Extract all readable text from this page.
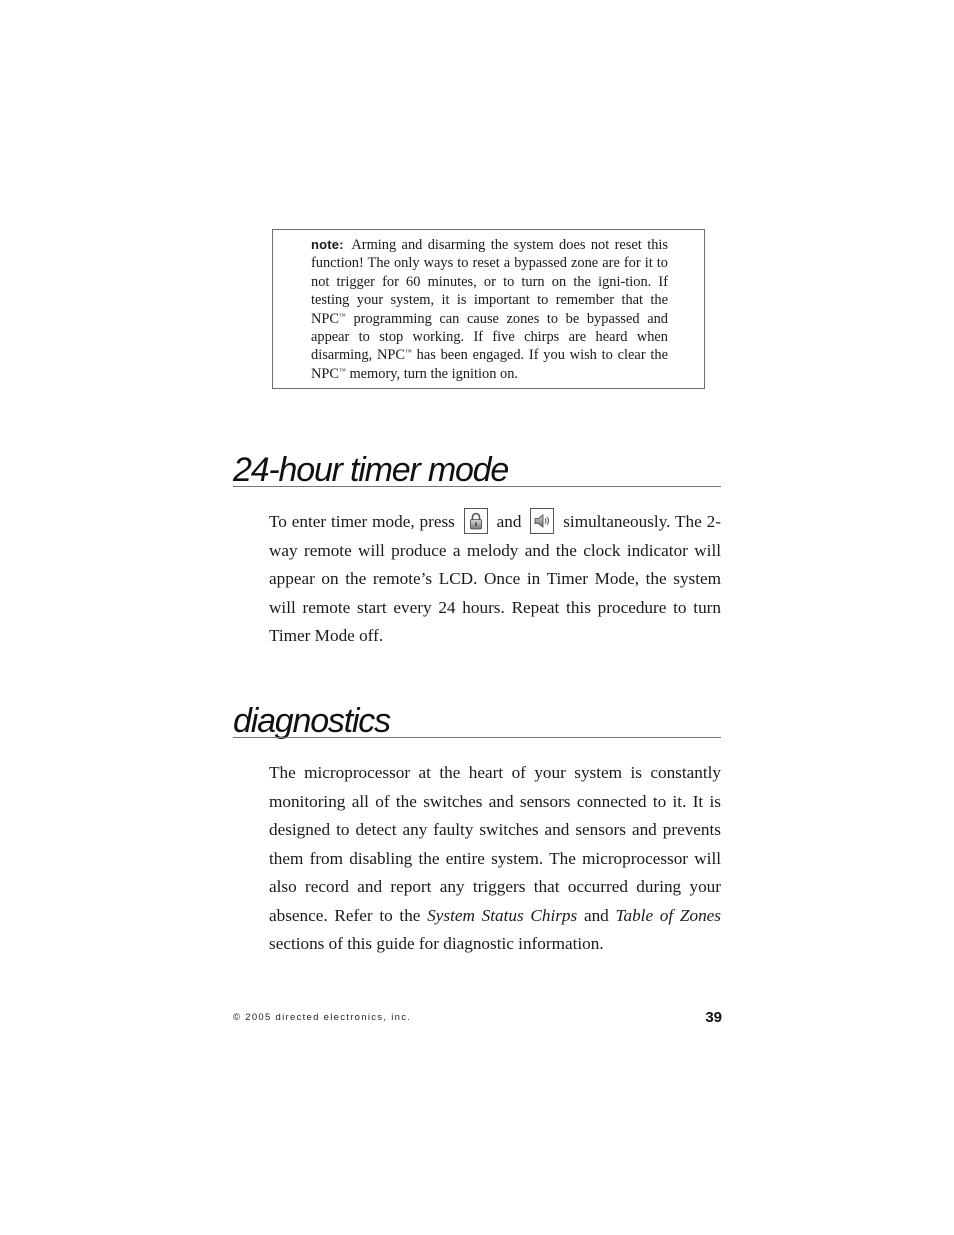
note: Arming and disarming the system does not reset this function! The only ways to reset a bypassed zone are for it to not trigger for 60 minutes, or to turn on the igni-tion. If testing your system, it is important to remember that the NPC™ programming can cause zones to be bypassed and appear to stop working. If five chirps are heard when disarming, NPC™ has been engaged. If you wish to clear the NPC™ memory, turn the ignition on.

24-hour timer mode

To enter timer mode, press
and
simultaneously. The 2-way remote will produce a melody and the clock indicator will appear on the remote’s LCD. Once in Timer Mode, the system will remote start every 24 hours. Repeat this procedure to turn Timer Mode off.

diagnostics

The microprocessor at the heart of your system is constantly monitoring all of the switches and sensors connected to it. It is designed to detect any faulty switches and sensors and prevents them from disabling the entire system. The microprocessor will also record and report any triggers that occurred during your absence. Refer to the System Status Chirps and Table of Zones sections of this guide for diagnostic information.

© 2005 directed electronics, inc.	39
